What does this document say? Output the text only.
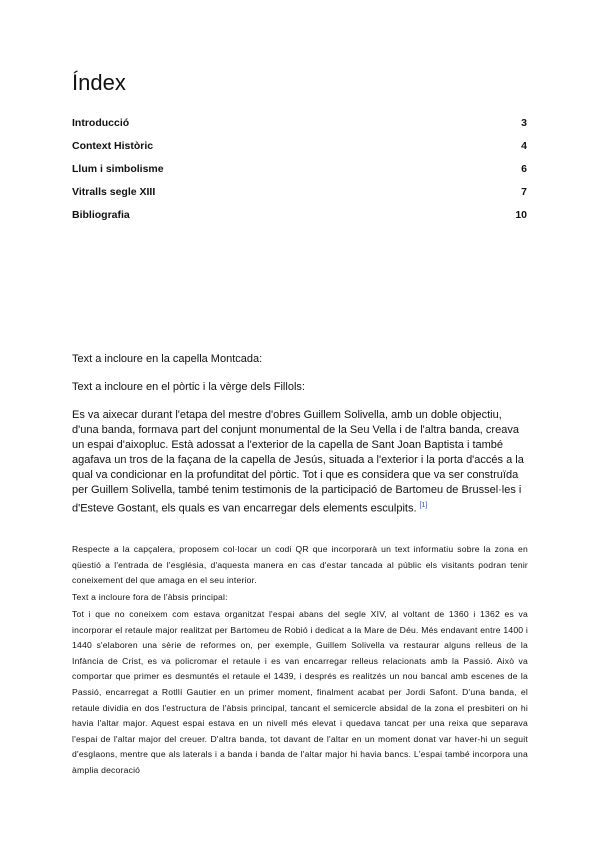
Índex
Introducció	3
Context Històric	4
Llum i simbolisme	6
Vitralls segle XIII	7
Bibliografia	10

Text a incloure en la capella Montcada:

Text a incloure en el pòrtic i la vèrge dels Fillols:

Es va aixecar durant l'etapa del mestre d'obres Guillem Solivella, amb un doble objectiu, d'una banda, formava part del conjunt monumental de la Seu Vella i de l'altra banda, creava un espai d'aixopluc. Està adossat a l'exterior de la capella de Sant Joan Baptista i també agafava un tros de la façana de la capella de Jesús, situada a l'exterior i la porta d'accés a la qual va condicionar en la profunditat del pòrtic. Tot i que es considera que va ser construïda per Guillem Solivella, també tenim testimonis de la participació de Bartomeu de Brussel·les i d'Esteve Gostant, els quals es van encarregar dels elements esculpits. [1]

Respecte a la capçalera, proposem col·locar un codi QR que incorporarà un text informatiu sobre la zona en qüestió a l'entrada de l'església, d'aquesta manera en cas d'estar tancada al públic els visitants podran tenir coneixement del que amaga en el seu interior.

Text a incloure fora de l'àbsis principal:

Tot i que no coneixem com estava organitzat l'espai abans del segle XIV, al voltant de 1360 i 1362 es va incorporar el retaule major realitzat per Bartomeu de Robió i dedicat a la Mare de Déu. Més endavant entre 1400 i 1440 s'elaboren una sèrie de reformes on, per exemple, Guillem Solivella va restaurar alguns relleus de la Infància de Crist, es va policromar el retaule i es van encarregar relleus relacionats amb la Passió. Això va comportar que primer es desmuntés el retaule el 1439, i després es realitzés un nou bancal amb escenes de la Passió, encarregat a Rotllí Gautier en un primer moment, finalment acabat per Jordi Safont. D'una banda, el retaule dividia en dos l'estructura de l'àbsis principal, tancant el semicercle absidal de la zona el presbiteri on hi havia l'altar major. Aquest espai estava en un nivell més elevat i quedava tancat per una reixa que separava l'espai de l'altar major del creuer. D'altra banda, tot davant de l'altar en un moment donat var haver-hi un seguit d'esglaons, mentre que als laterals i a banda i banda de l'altar major hi havia bancs. L'espai també incorpora una àmplia decoració
